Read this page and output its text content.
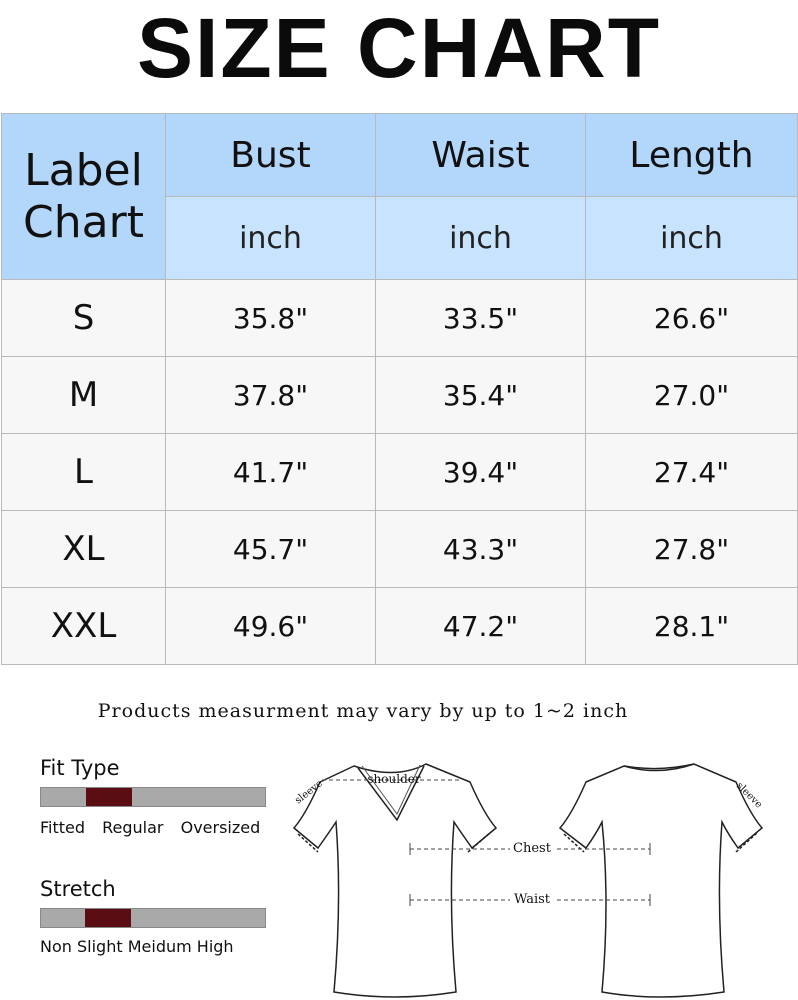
SIZE CHART
Label
Chart	Bust	Waist	Length
	inch	inch	inch
S	35.8"	33.5"	26.6"
M	37.8"	35.4"	27.0"
L	41.7"	39.4"	27.4"
XL	45.7"	43.3"	27.8"
XXL	49.6"	47.2"	28.1"
Products measurment may vary by up to 1~2 inch
Fit Type
Fitted Regular Oversized
Stretch
Non Slight Meidum High
shoulder
sleeve	sleeve
Chest
Waist
